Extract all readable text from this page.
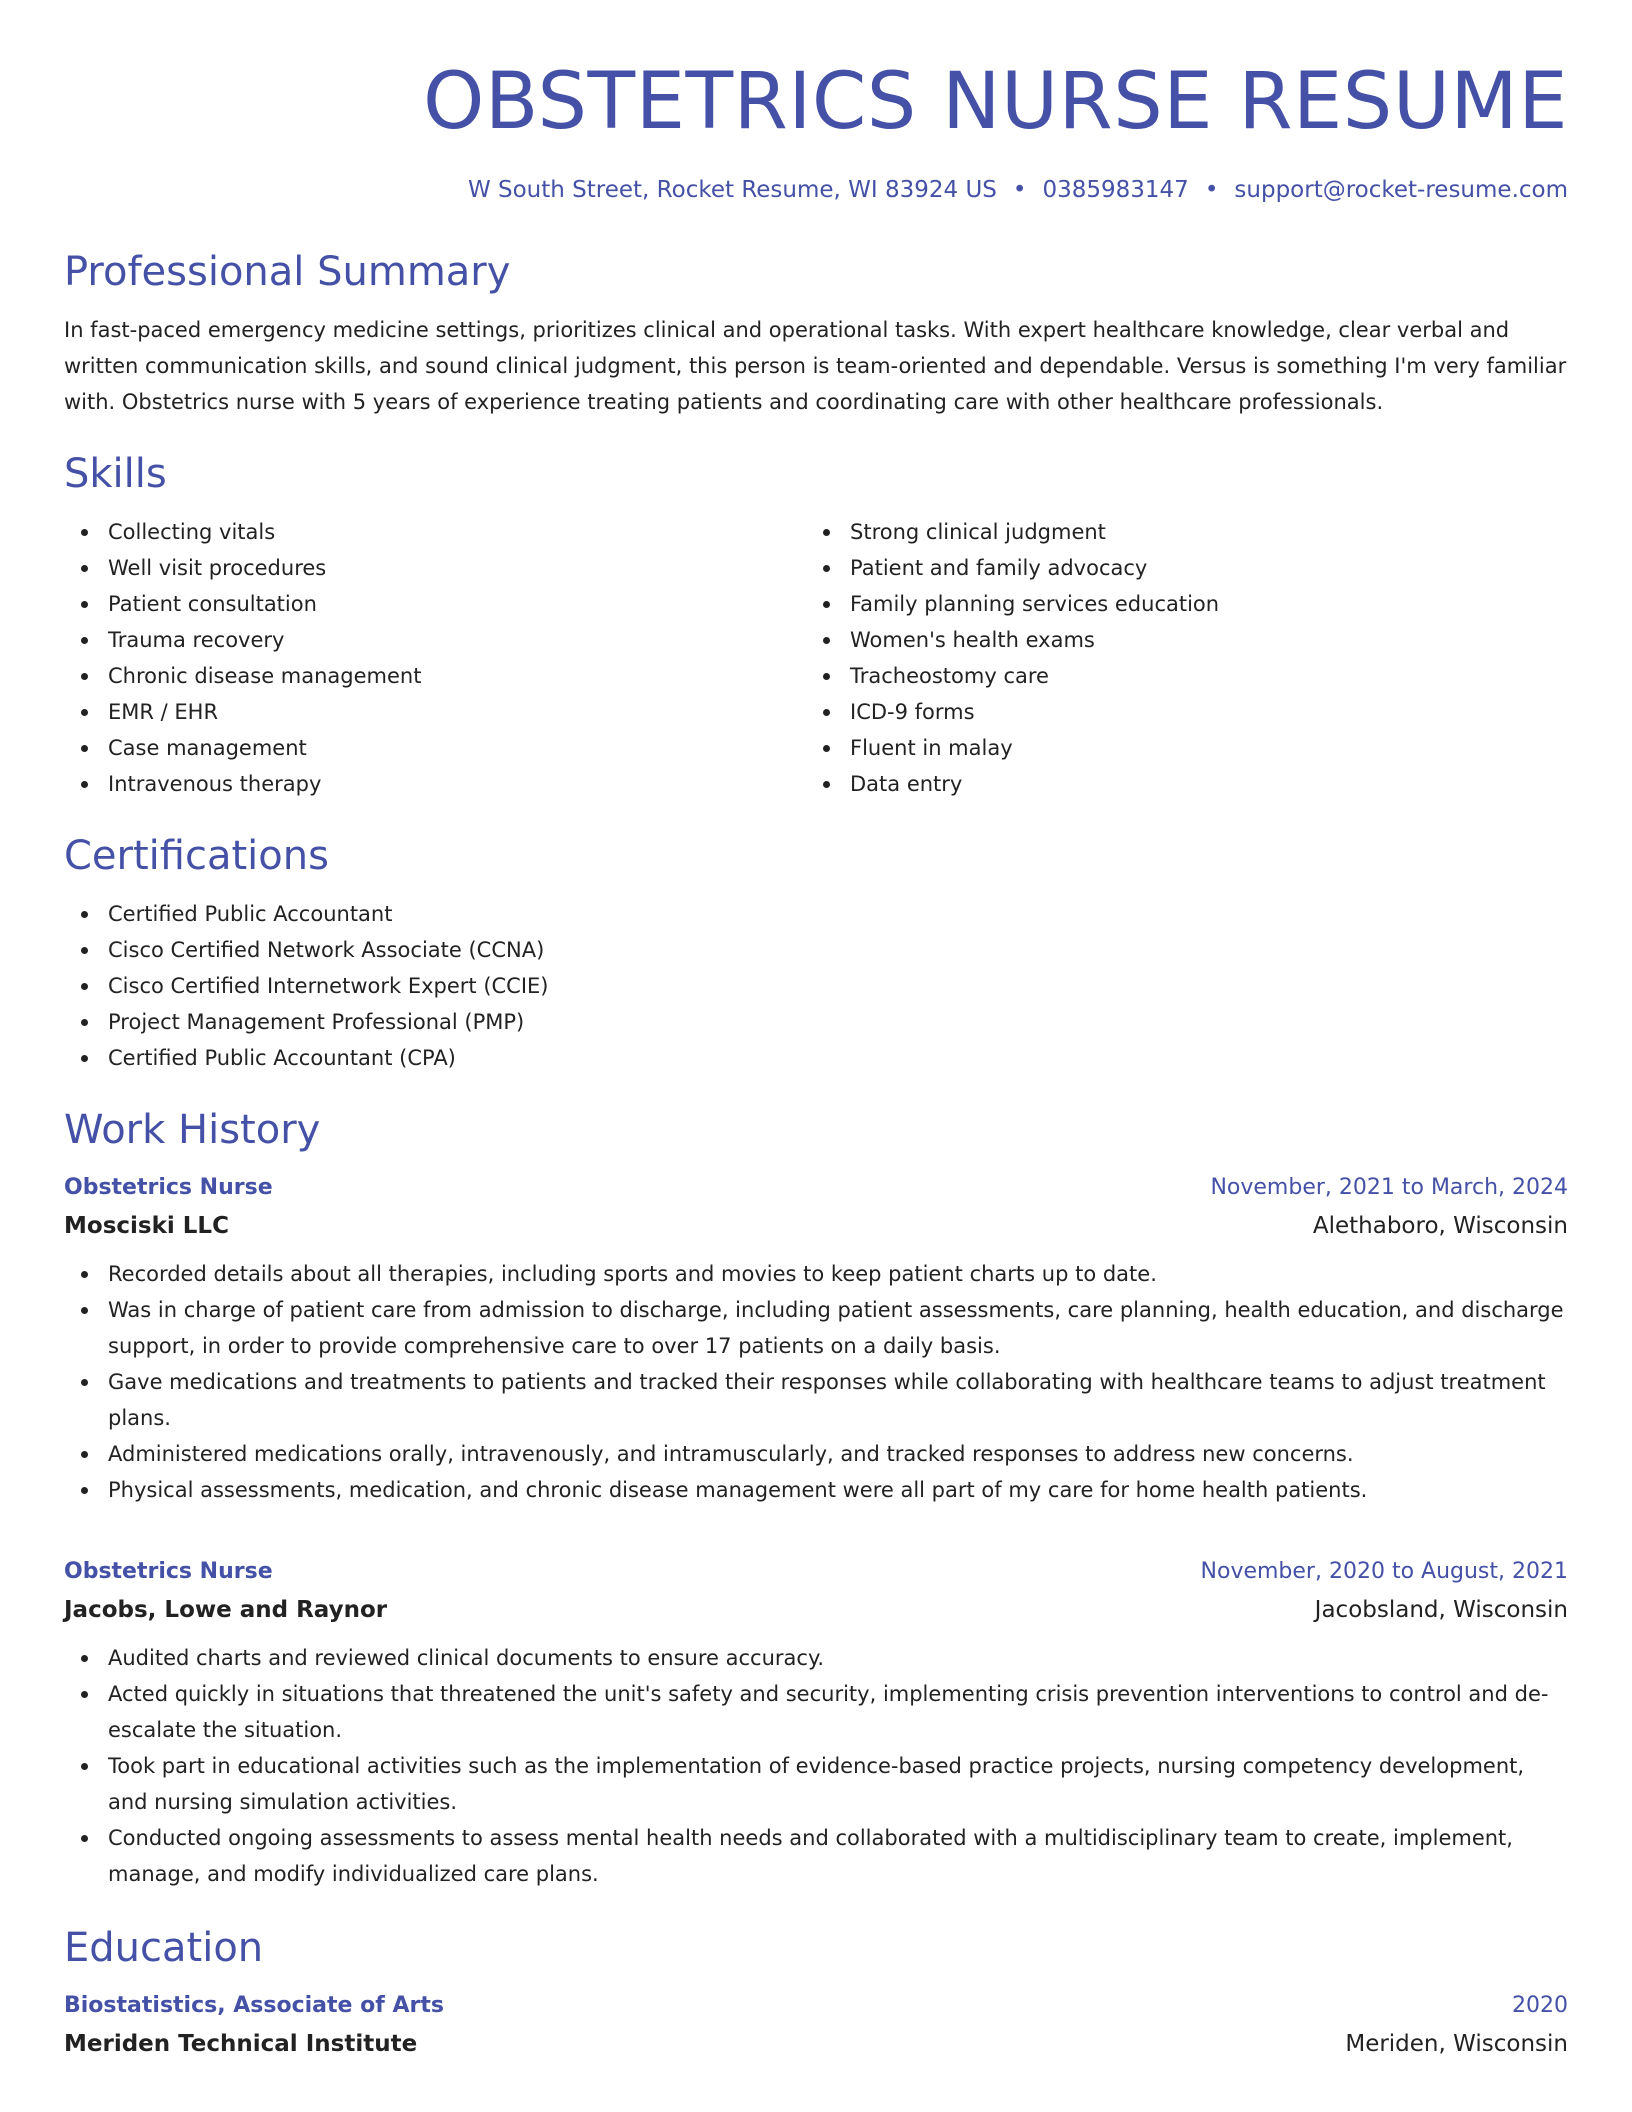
OBSTETRICS NURSE RESUME
W South Street, Rocket Resume, WI 83924 US • 0385983147 • support@rocket-resume.com
Professional Summary

In fast-paced emergency medicine settings, prioritizes clinical and operational tasks. With expert healthcare knowledge, clear verbal and written communication skills, and sound clinical judgment, this person is team-oriented and dependable. Versus is something I'm very familiar with. Obstetrics nurse with 5 years of experience treating patients and coordinating care with other healthcare professionals.

Skills
Collecting vitals
Well visit procedures
Patient consultation
Trauma recovery
Chronic disease management
EMR / EHR
Case management
Intravenous therapy
Strong clinical judgment
Patient and family advocacy
Family planning services education
Women's health exams
Tracheostomy care
ICD-9 forms
Fluent in malay
Data entry
Certifications
Certified Public Accountant
Cisco Certified Network Associate (CCNA)
Cisco Certified Internetwork Expert (CCIE)
Project Management Professional (PMP)
Certified Public Accountant (CPA)
Work History
Obstetrics Nurse	November, 2021 to March, 2024
Mosciski LLC	Alethaboro, Wisconsin
Recorded details about all therapies, including sports and movies to keep patient charts up to date.
Was in charge of patient care from admission to discharge, including patient assessments, care planning, health education, and discharge support, in order to provide comprehensive care to over 17 patients on a daily basis.
Gave medications and treatments to patients and tracked their responses while collaborating with healthcare teams to adjust treatment plans.
Administered medications orally, intravenously, and intramuscularly, and tracked responses to address new concerns.
Physical assessments, medication, and chronic disease management were all part of my care for home health patients.
Obstetrics Nurse	November, 2020 to August, 2021
Jacobs, Lowe and Raynor	Jacobsland, Wisconsin
Audited charts and reviewed clinical documents to ensure accuracy.
Acted quickly in situations that threatened the unit's safety and security, implementing crisis prevention interventions to control and de-escalate the situation.
Took part in educational activities such as the implementation of evidence-based practice projects, nursing competency development, and nursing simulation activities.
Conducted ongoing assessments to assess mental health needs and collaborated with a multidisciplinary team to create, implement, manage, and modify individualized care plans.
Education
Biostatistics, Associate of Arts	2020
Meriden Technical Institute	Meriden, Wisconsin
